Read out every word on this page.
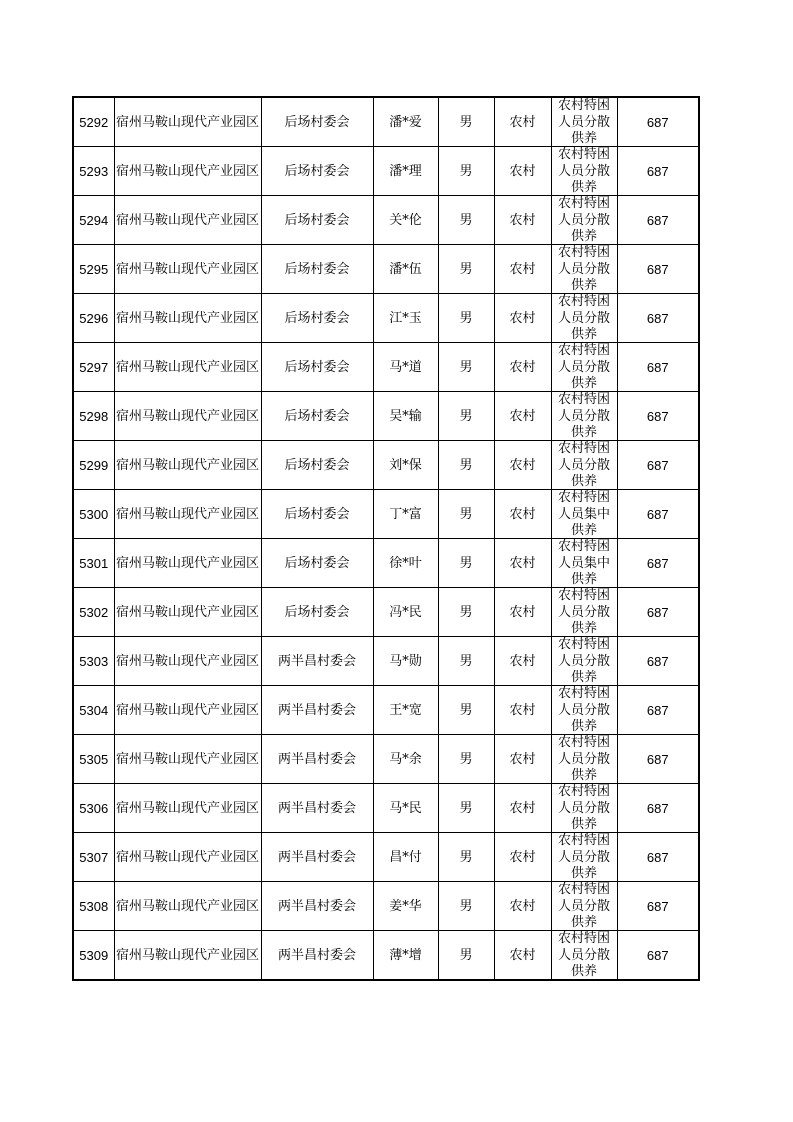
5292	宿州马鞍山现代产业园区	后场村委会	潘*爱	男	农村	农村特困人员分散供养	687
5293	宿州马鞍山现代产业园区	后场村委会	潘*理	男	农村	农村特困人员分散供养	687
5294	宿州马鞍山现代产业园区	后场村委会	关*伦	男	农村	农村特困人员分散供养	687
5295	宿州马鞍山现代产业园区	后场村委会	潘*伍	男	农村	农村特困人员分散供养	687
5296	宿州马鞍山现代产业园区	后场村委会	江*玉	男	农村	农村特困人员分散供养	687
5297	宿州马鞍山现代产业园区	后场村委会	马*道	男	农村	农村特困人员分散供养	687
5298	宿州马鞍山现代产业园区	后场村委会	吴*输	男	农村	农村特困人员分散供养	687
5299	宿州马鞍山现代产业园区	后场村委会	刘*保	男	农村	农村特困人员分散供养	687
5300	宿州马鞍山现代产业园区	后场村委会	丁*富	男	农村	农村特困人员集中供养	687
5301	宿州马鞍山现代产业园区	后场村委会	徐*叶	男	农村	农村特困人员集中供养	687
5302	宿州马鞍山现代产业园区	后场村委会	冯*民	男	农村	农村特困人员分散供养	687
5303	宿州马鞍山现代产业园区	两半昌村委会	马*勋	男	农村	农村特困人员分散供养	687
5304	宿州马鞍山现代产业园区	两半昌村委会	王*宽	男	农村	农村特困人员分散供养	687
5305	宿州马鞍山现代产业园区	两半昌村委会	马*余	男	农村	农村特困人员分散供养	687
5306	宿州马鞍山现代产业园区	两半昌村委会	马*民	男	农村	农村特困人员分散供养	687
5307	宿州马鞍山现代产业园区	两半昌村委会	昌*付	男	农村	农村特困人员分散供养	687
5308	宿州马鞍山现代产业园区	两半昌村委会	姜*华	男	农村	农村特困人员分散供养	687
5309	宿州马鞍山现代产业园区	两半昌村委会	薄*增	男	农村	农村特困人员分散供养	687
